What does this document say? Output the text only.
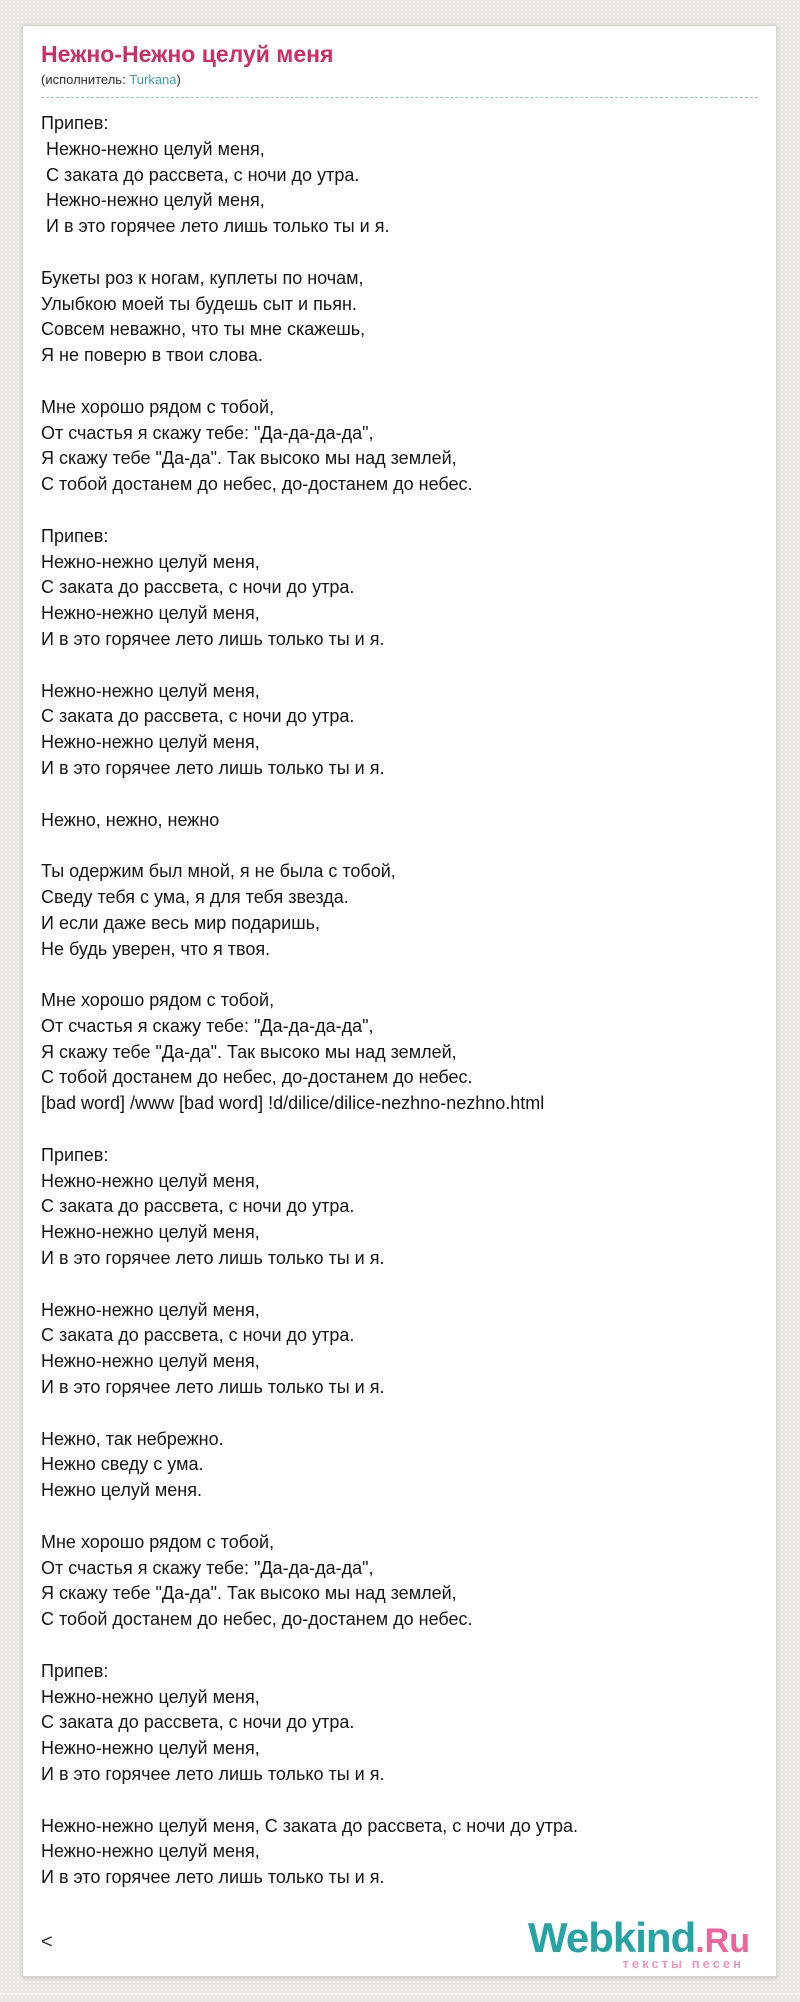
Нежно-Нежно целуй меня
(исполнитель: Turkana)
Припев:
Нежно-нежно целуй меня,
С заката до рассвета, с ночи до утра.
Нежно-нежно целуй меня,
И в это горячее лето лишь только ты и я.
Букеты роз к ногам, куплеты по ночам,
Улыбкою моей ты будешь сыт и пьян.
Совсем неважно, что ты мне скажешь,
Я не поверю в твои слова.
Мне хорошо рядом с тобой,
От счастья я скажу тебе: "Да-да-да-да",
Я скажу тебе "Да-да". Так высоко мы над землей,
С тобой достанем до небес, до-достанем до небес.
Припев:
Нежно-нежно целуй меня,
С заката до рассвета, с ночи до утра.
Нежно-нежно целуй меня,
И в это горячее лето лишь только ты и я.
Нежно-нежно целуй меня,
С заката до рассвета, с ночи до утра.
Нежно-нежно целуй меня,
И в это горячее лето лишь только ты и я.
Нежно, нежно, нежно
Ты одержим был мной, я не была с тобой,
Сведу тебя с ума, я для тебя звезда.
И если даже весь мир подаришь,
Не будь уверен, что я твоя.
Мне хорошо рядом с тобой,
От счастья я скажу тебе: "Да-да-да-да",
Я скажу тебе "Да-да". Так высоко мы над землей,
С тобой достанем до небес, до-достанем до небес.
[bad word] /www [bad word] !d/dilice/dilice-nezhno-nezhno.html
Припев:
Нежно-нежно целуй меня,
С заката до рассвета, с ночи до утра.
Нежно-нежно целуй меня,
И в это горячее лето лишь только ты и я.
Нежно-нежно целуй меня,
С заката до рассвета, с ночи до утра.
Нежно-нежно целуй меня,
И в это горячее лето лишь только ты и я.
Нежно, так небрежно.
Нежно сведу с ума.
Нежно целуй меня.
Мне хорошо рядом с тобой,
От счастья я скажу тебе: "Да-да-да-да",
Я скажу тебе "Да-да". Так высоко мы над землей,
С тобой достанем до небес, до-достанем до небес.
Припев:
Нежно-нежно целуй меня,
С заката до рассвета, с ночи до утра.
Нежно-нежно целуй меня,
И в это горячее лето лишь только ты и я.
Нежно-нежно целуй меня, С заката до рассвета, с ночи до утра.
Нежно-нежно целуй меня,
И в это горячее лето лишь только ты и я.
<	Webkind.Ru
тексты песен
